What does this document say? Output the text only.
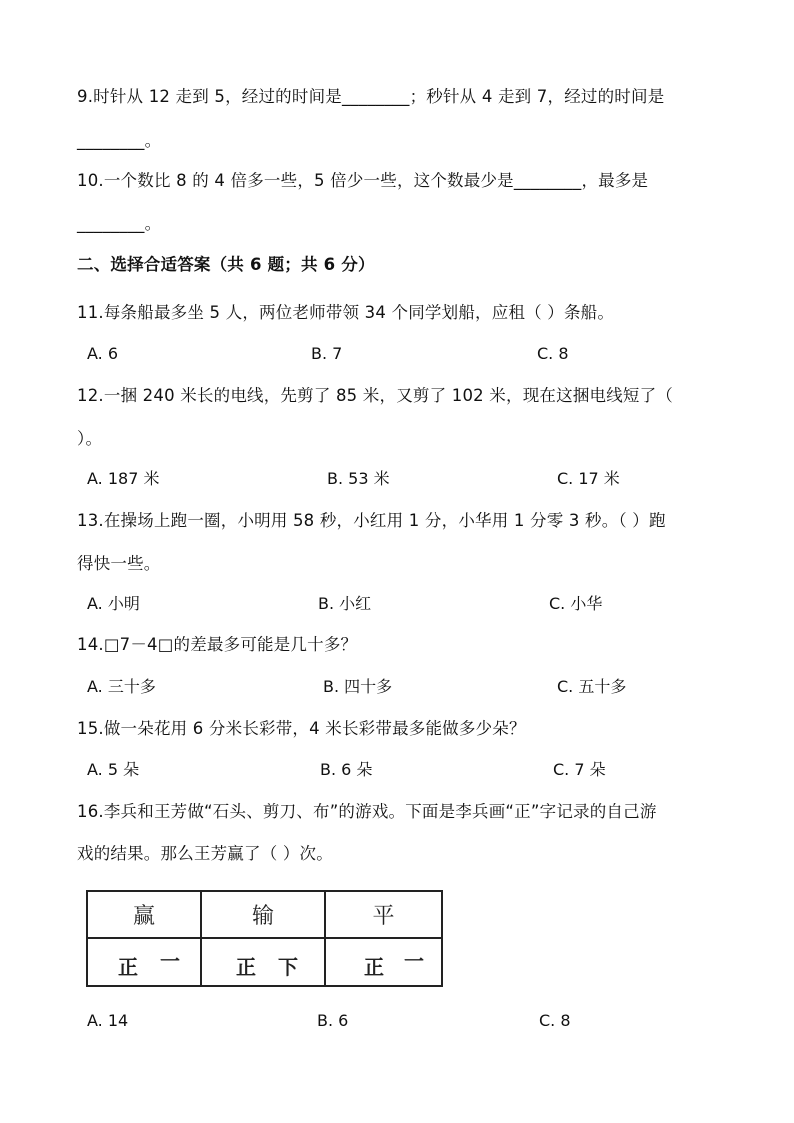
9.时针从 12 走到 5，经过的时间是________；秒针从 4 走到 7，经过的时间是
________。
10.一个数比 8 的 4 倍多一些，5 倍少一些，这个数最少是________，最多是
________。
二、选择合适答案（共 6 题；共 6 分）
11.每条船最多坐 5 人，两位老师带领 34 个同学划船，应租（ ）条船。
A. 6	B. 7	C. 8
12.一捆 240 米长的电线，先剪了 85 米，又剪了 102 米，现在这捆电线短了（
）。
A. 187 米	B. 53 米	C. 17 米
13.在操场上跑一圈，小明用 58 秒，小红用 1 分，小华用 1 分零 3 秒。（ ）跑
得快一些。
A. 小明	B. 小红	C. 小华
14.□7－4□的差最多可能是几十多？
A. 三十多	B. 四十多	C. 五十多
15.做一朵花用 6 分米长彩带，4 米长彩带最多能做多少朵？
A. 5 朵	B. 6 朵	C. 7 朵
16.李兵和王芳做“石头、剪刀、布”的游戏。下面是李兵画“正”字记录的自己游
戏的结果。那么王芳赢了（ ）次。
赢	输	平

正 一	正 下	正 一
A. 14	B. 6	C. 8
